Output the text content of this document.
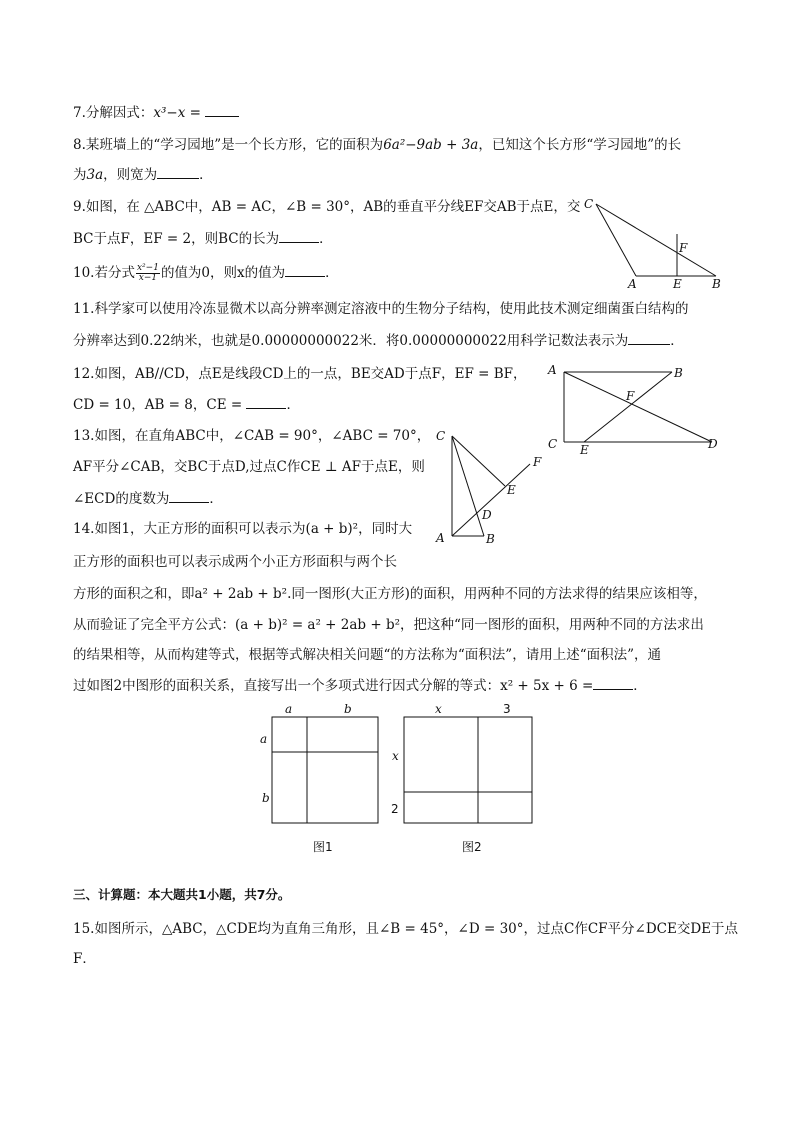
7.分解因式：x³−x =
8.某班墙上的“学习园地”是一个长方形，它的面积为6a²−9ab + 3a，已知这个长方形“学习园地”的长
为3a，则宽为	．
9.如图，在 △ABC中，AB = AC，∠B = 30°，AB的垂直平分线EF交AB于点E，交
BC于点F，EF = 2，则BC的长为	．
10.若分式 $\frac{\text{x²−1}}{x-1}$ 的值为0，则x的值为	．
11.科学家可以使用冷冻显微术以高分辨率测定溶液中的生物分子结构，使用此技术测定细菌蛋白结构的
分辨率达到0.22纳米，也就是0.00000000022米．将0.00000000022用科学记数法表示为	．
12.如图，AB//CD，点E是线段CD上的一点，BE交AD于点F，EF = BF，
CD = 10，AB = 8，CE =	．
13.如图，在直角ABC中，∠CAB = 90°，∠ABC = 70°，
AF平分∠CAB，交BC于点D,过点C作CE ⊥ AF于点E，则
∠ECD的度数为	．
14.如图1，大正方形的面积可以表示为(a + b)²，同时大
正方形的面积也可以表示成两个小正方形面积与两个长
方形的面积之和，即a² + 2ab + b².同一图形(大正方形)的面积，用两种不同的方法求得的结果应该相等，
从而验证了完全平方公式：(a + b)² = a² + 2ab + b²，把这种“同一图形的面积，用两种不同的方法求出
的结果相等，从而构建等式，根据等式解决相关问题“的方法称为“面积法”，请用上述“面积法”，通
过如图2中图形的面积关系，直接写出一个多项式进行因式分解的等式：x² + 5x + 6 =	．
三、计算题：本大题共1小题，共7分。
15.如图所示，△ABC，△CDE均为直角三角形，且∠B = 45°，∠D = 30°，过点C作CF平分∠DCE交DE于点
F．
C
F
A	E	B
A	B
F
C E	D
C
F
E
D
A	B
a	b
a
b
图1
x	3
x
2
图2
